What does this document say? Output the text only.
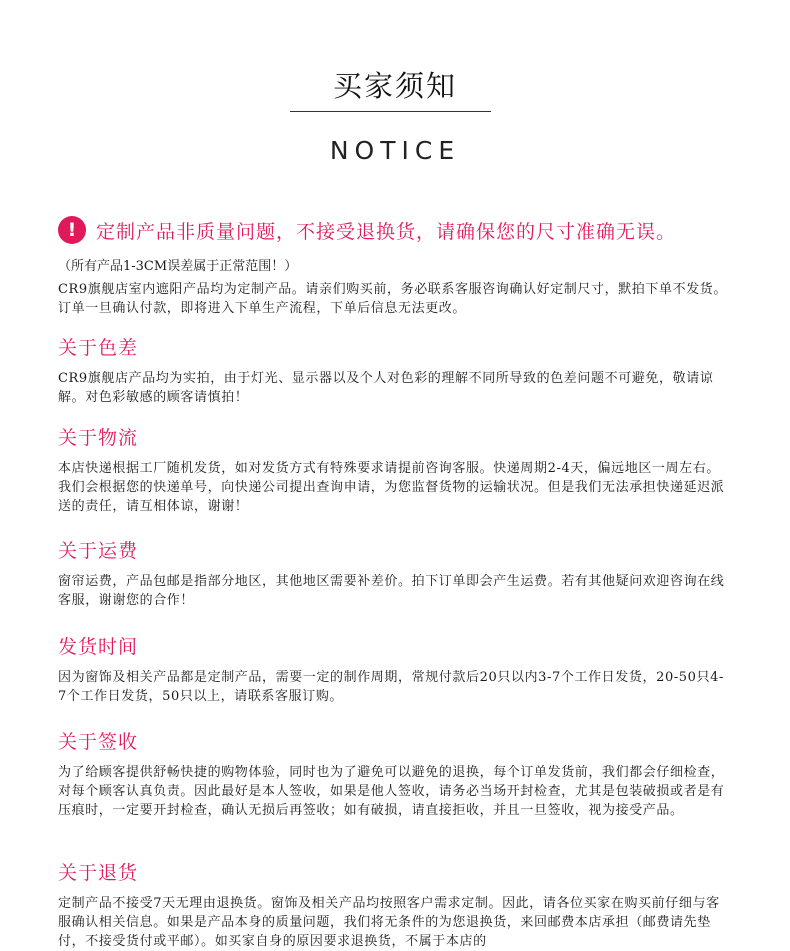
买家须知
NOTICE
!	定制产品非质量问题，不接受退换货，请确保您的尺寸准确无误。
（所有产品1-3CM误差属于正常范围！）
CR9旗舰店室内遮阳产品均为定制产品。请亲们购买前，务必联系客服咨询确认好定制尺寸，默拍下单不发货。订单一旦确认付款，即将进入下单生产流程，下单后信息无法更改。
关于色差

CR9旗舰店产品均为实拍，由于灯光、显示器以及个人对色彩的理解不同所导致的色差问题不可避免，敬请谅解。对色彩敏感的顾客请慎拍！

关于物流

本店快递根据工厂随机发货，如对发货方式有特殊要求请提前咨询客服。快递周期2-4天，偏远地区一周左右。我们会根据您的快递单号，向快递公司提出查询申请，为您监督货物的运输状况。但是我们无法承担快递延迟派送的责任，请互相体谅，谢谢！

关于运费

窗帘运费，产品包邮是指部分地区，其他地区需要补差价。拍下订单即会产生运费。若有其他疑问欢迎咨询在线客服，谢谢您的合作！

发货时间

因为窗饰及相关产品都是定制产品，需要一定的制作周期，常规付款后20只以内3-7个工作日发货，20-50只4-7个工作日发货，50只以上，请联系客服订购。

关于签收

为了给顾客提供舒畅快捷的购物体验，同时也为了避免可以避免的退换，每个订单发货前，我们都会仔细检查，对每个顾客认真负责。因此最好是本人签收，如果是他人签收，请务必当场开封检查，尤其是包装破损或者是有压痕时，一定要开封检查，确认无损后再签收；如有破损，请直接拒收，并且一旦签收，视为接受产品。

关于退货

定制产品不接受7天无理由退换货。窗饰及相关产品均按照客户需求定制。因此，请各位买家在购买前仔细与客服确认相关信息。如果是产品本身的质量问题，我们将无条件的为您退换货，来回邮费本店承担（邮费请先垫付，不接受货付或平邮）。如买家自身的原因要求退换货，不属于本店的
